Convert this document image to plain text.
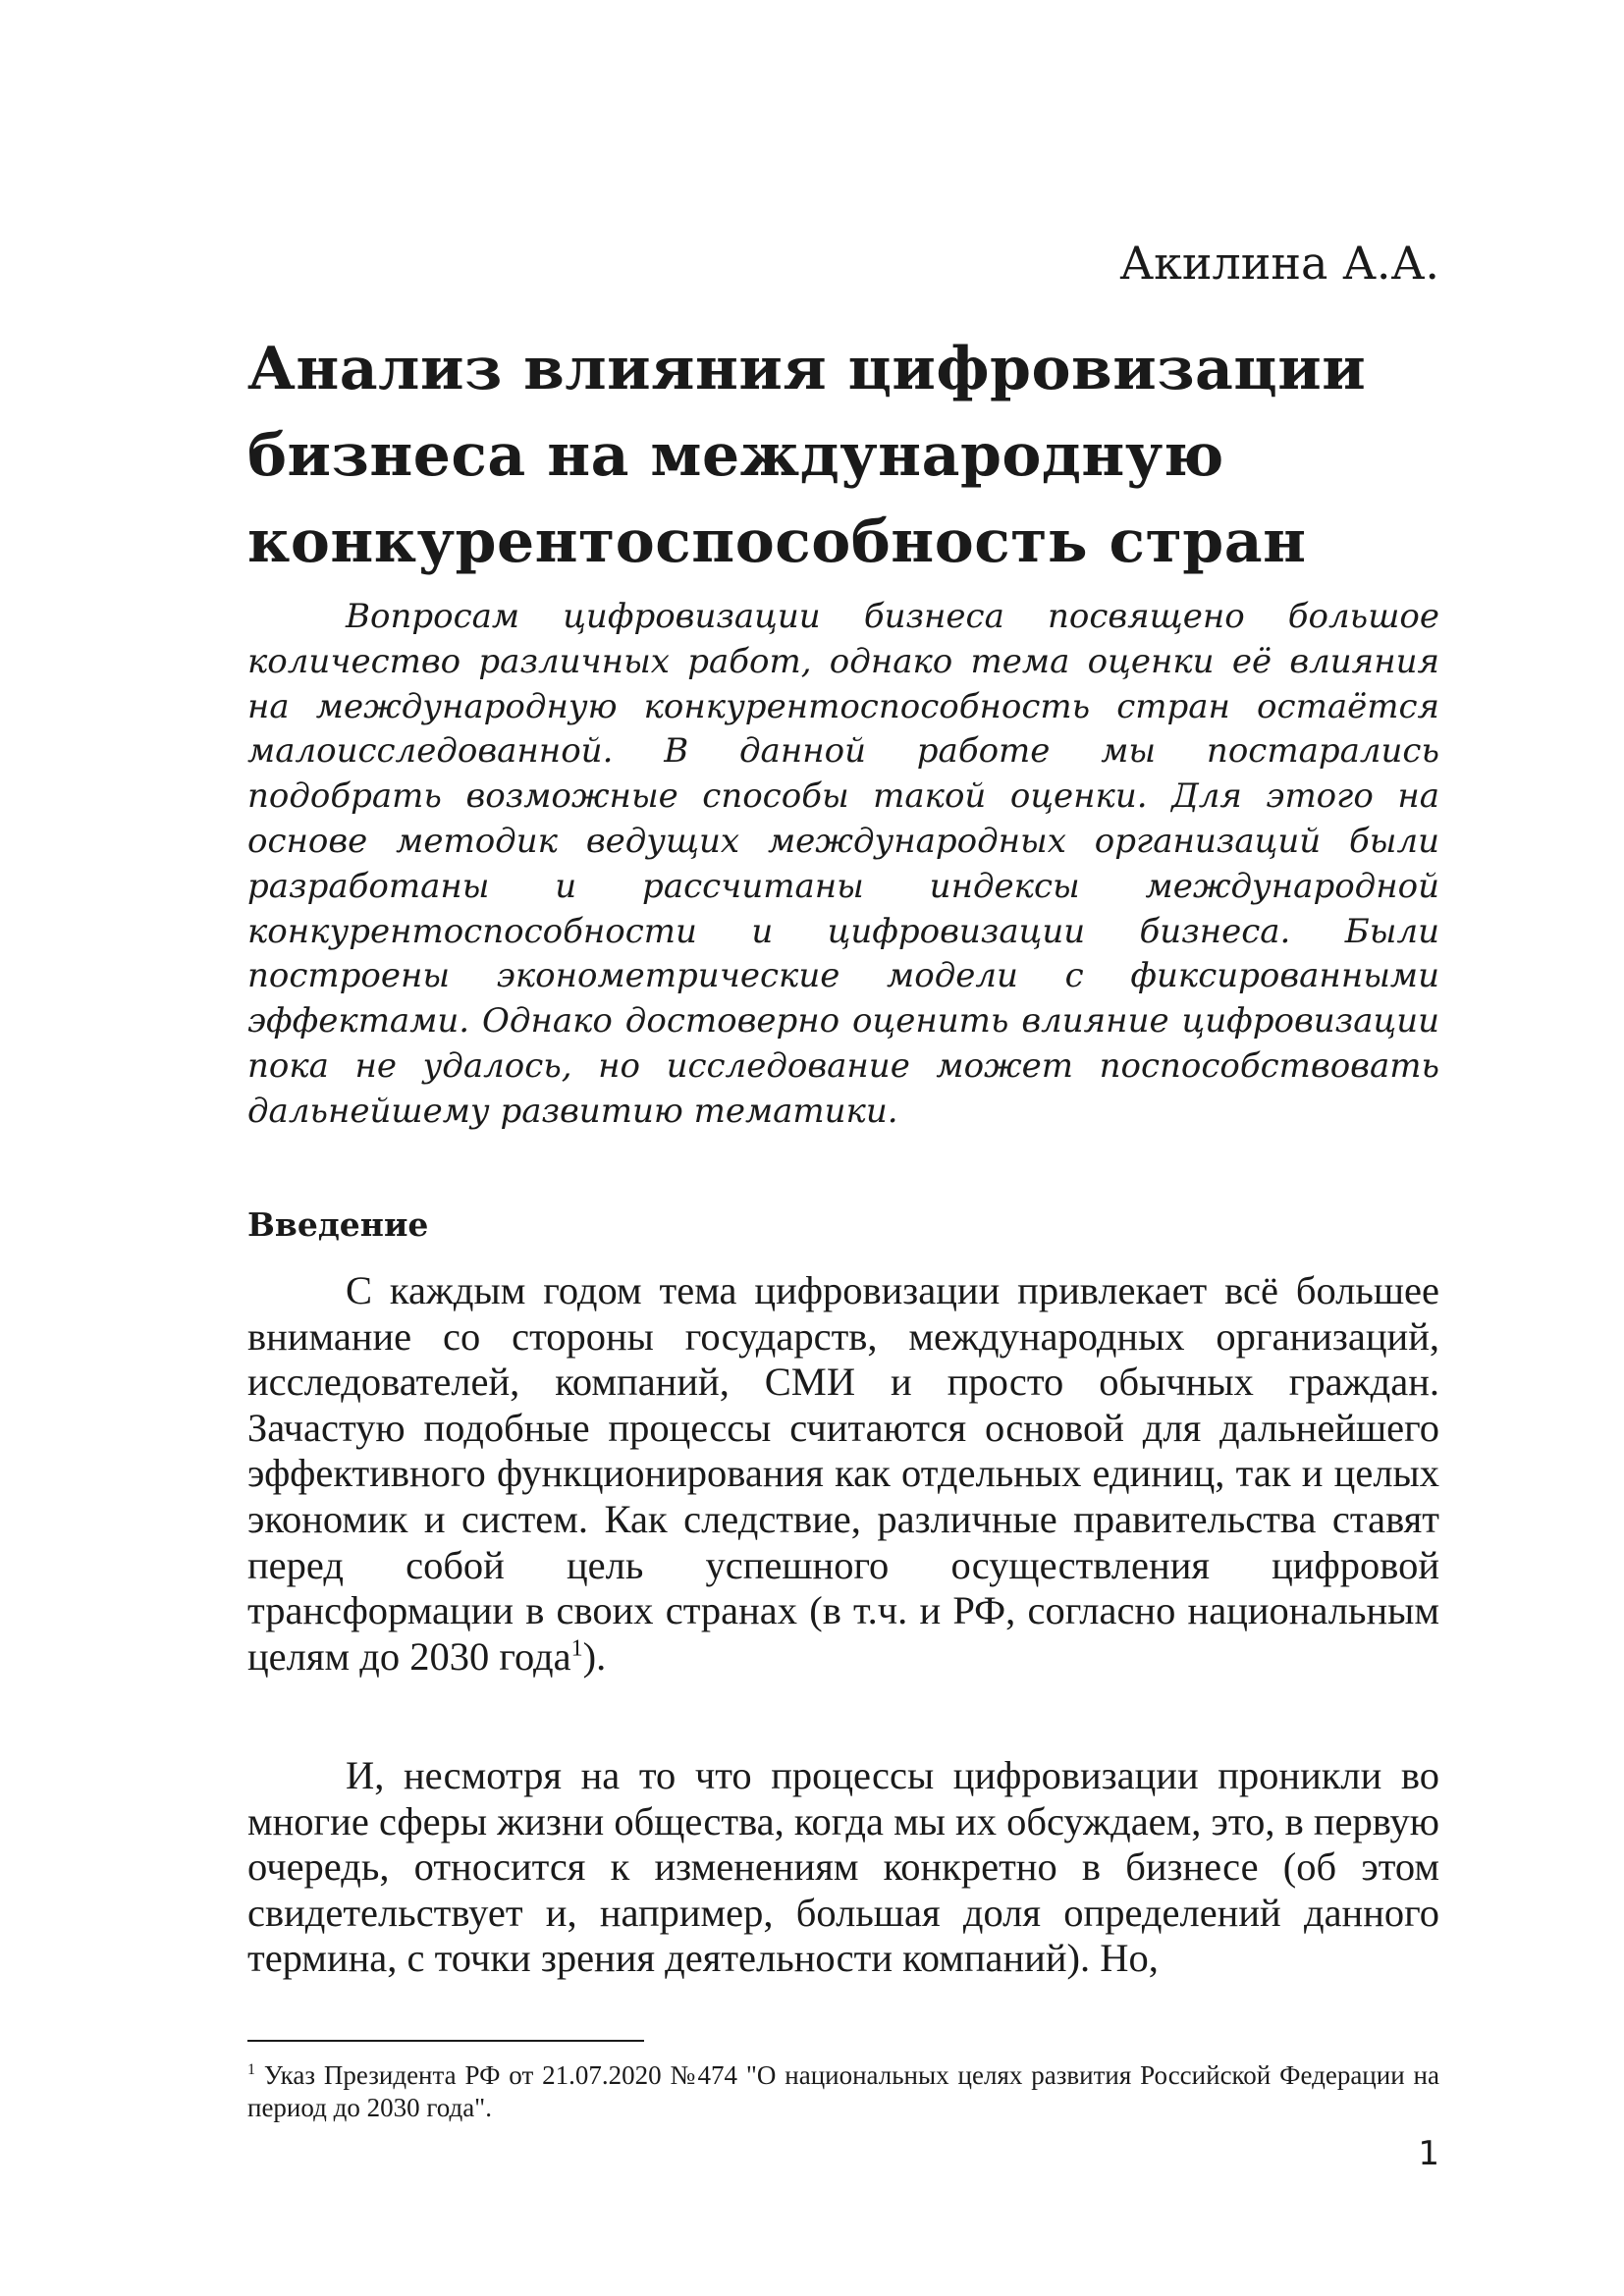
Акилина А.А.
Анализ влияния цифровизации
бизнеса на международную
конкурентоспособность стран

Вопросам цифровизации бизнеса посвящено большое количество различных работ, однако тема оценки её влияния на международную конкурентоспособность стран остаётся малоисследованной. В данной работе мы постарались подобрать возможные способы такой оценки. Для этого на основе методик ведущих международных организаций были разработаны и рассчитаны индексы международной конкурентоспособности и цифровизации бизнеса. Были построены эконометрические модели с фиксированными эффектами. Однако достоверно оценить влияние цифровизации пока не удалось, но исследование может поспособствовать дальнейшему развитию тематики.

Введение

С каждым годом тема цифровизации привлекает всё большее внимание со стороны государств, международных организаций, исследователей, компаний, СМИ и просто обычных граждан. Зачастую подобные процессы считаются основой для дальнейшего эффективного функционирования как отдельных единиц, так и целых экономик и систем. Как следствие, различные правительства ставят перед собой цель успешного осуществления цифровой трансформации в своих странах (в т.ч. и РФ, согласно национальным целям до 2030 года$^1$).

И, несмотря на то что процессы цифровизации проникли во многие сферы жизни общества, когда мы их обсуждаем, это, в первую очередь, относится к изменениям конкретно в бизнесе (об этом свидетельствует и, например, большая доля определений данного термина, с точки зрения деятельности компаний). Но,

$^1$ Указ Президента РФ от 21.07.2020 №474 "О национальных целях развития Российской Федерации на период до 2030 года".

1
